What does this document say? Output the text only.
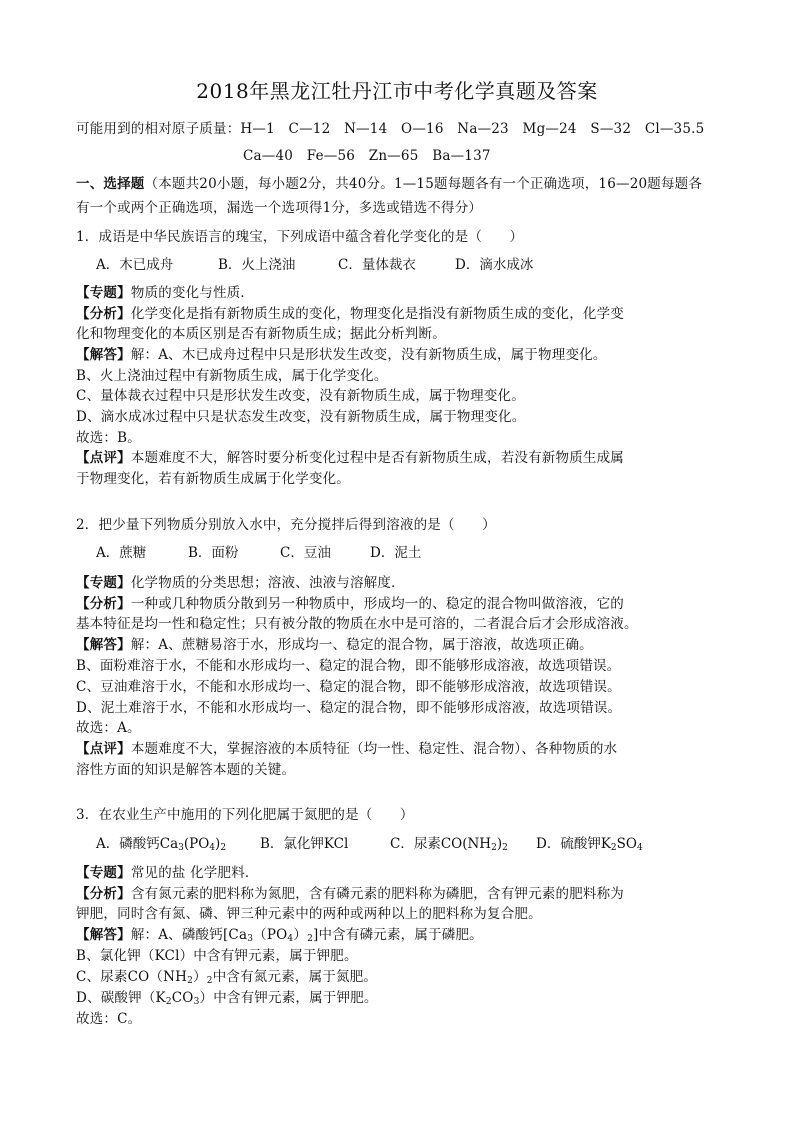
2018年黑龙江牡丹江市中考化学真题及答案
可能用到的相对原子质量：H—1　C—12　N—14　O—16　Na—23　Mg—24　S—32　Cl—35.5
Ca—40　Fe—56　Zn—65　Ba—137
一、选择题（本题共20小题，每小题2分，共40分。1—15题每题各有一个正确选项，16—20题每题各
有一个或两个正确选项，漏选一个选项得1分，多选或错选不得分）
1．成语是中华民族语言的瑰宝，下列成语中蕴含着化学变化的是（　　）
A．木已成舟	B．火上浇油	C．量体裁衣	D．滴水成冰
【专题】物质的变化与性质．
【分析】化学变化是指有新物质生成的变化，物理变化是指没有新物质生成的变化，化学变
化和物理变化的本质区别是否有新物质生成；据此分析判断。
【解答】解：A、木已成舟过程中只是形状发生改变，没有新物质生成，属于物理变化。
B、火上浇油过程中有新物质生成，属于化学变化。
C、量体裁衣过程中只是形状发生改变，没有新物质生成，属于物理变化。
D、滴水成冰过程中只是状态发生改变，没有新物质生成，属于物理变化。
故选：B。
【点评】本题难度不大，解答时要分析变化过程中是否有新物质生成，若没有新物质生成属
于物理变化，若有新物质生成属于化学变化。
2．把少量下列物质分别放入水中，充分搅拌后得到溶液的是（　　）
A．蔗糖	B．面粉	C．豆油	D．泥土
【专题】化学物质的分类思想；溶液、浊液与溶解度．
【分析】一种或几种物质分散到另一种物质中，形成均一的、稳定的混合物叫做溶液，它的
基本特征是均一性和稳定性；只有被分散的物质在水中是可溶的，二者混合后才会形成溶液。
【解答】解：A、蔗糖易溶于水，形成均一、稳定的混合物，属于溶液，故选项正确。
B、面粉难溶于水，不能和水形成均一、稳定的混合物，即不能够形成溶液，故选项错误。
C、豆油难溶于水，不能和水形成均一、稳定的混合物，即不能够形成溶液，故选项错误。
D、泥土难溶于水，不能和水形成均一、稳定的混合物，即不能够形成溶液，故选项错误。
故选：A。
【点评】本题难度不大，掌握溶液的本质特征（均一性、稳定性、混合物）、各种物质的水
溶性方面的知识是解答本题的关键。
3．在农业生产中施用的下列化肥属于氮肥的是（　　）
A．磷酸钙$Ca_3(PO_4)_2$	B．氯化钾KCl	C．尿素$CO(NH_2)_2$ D．硫酸钾$K_2SO_4$
【专题】常见的盐 化学肥料．
【分析】含有氮元素的肥料称为氮肥，含有磷元素的肥料称为磷肥，含有钾元素的肥料称为
钾肥，同时含有氮、磷、钾三种元素中的两种或两种以上的肥料称为复合肥。
【解答】解：A、磷酸钙$[Ca_3(PO_4)_2]$中含有磷元素，属于磷肥。
B、氯化钾（KCl）中含有钾元素，属于钾肥。
C、尿素$CO(NH_2)_2$中含有氮元素，属于氮肥。
D、碳酸钾$(K_2CO_3)$中含有钾元素，属于钾肥。
故选：C。
